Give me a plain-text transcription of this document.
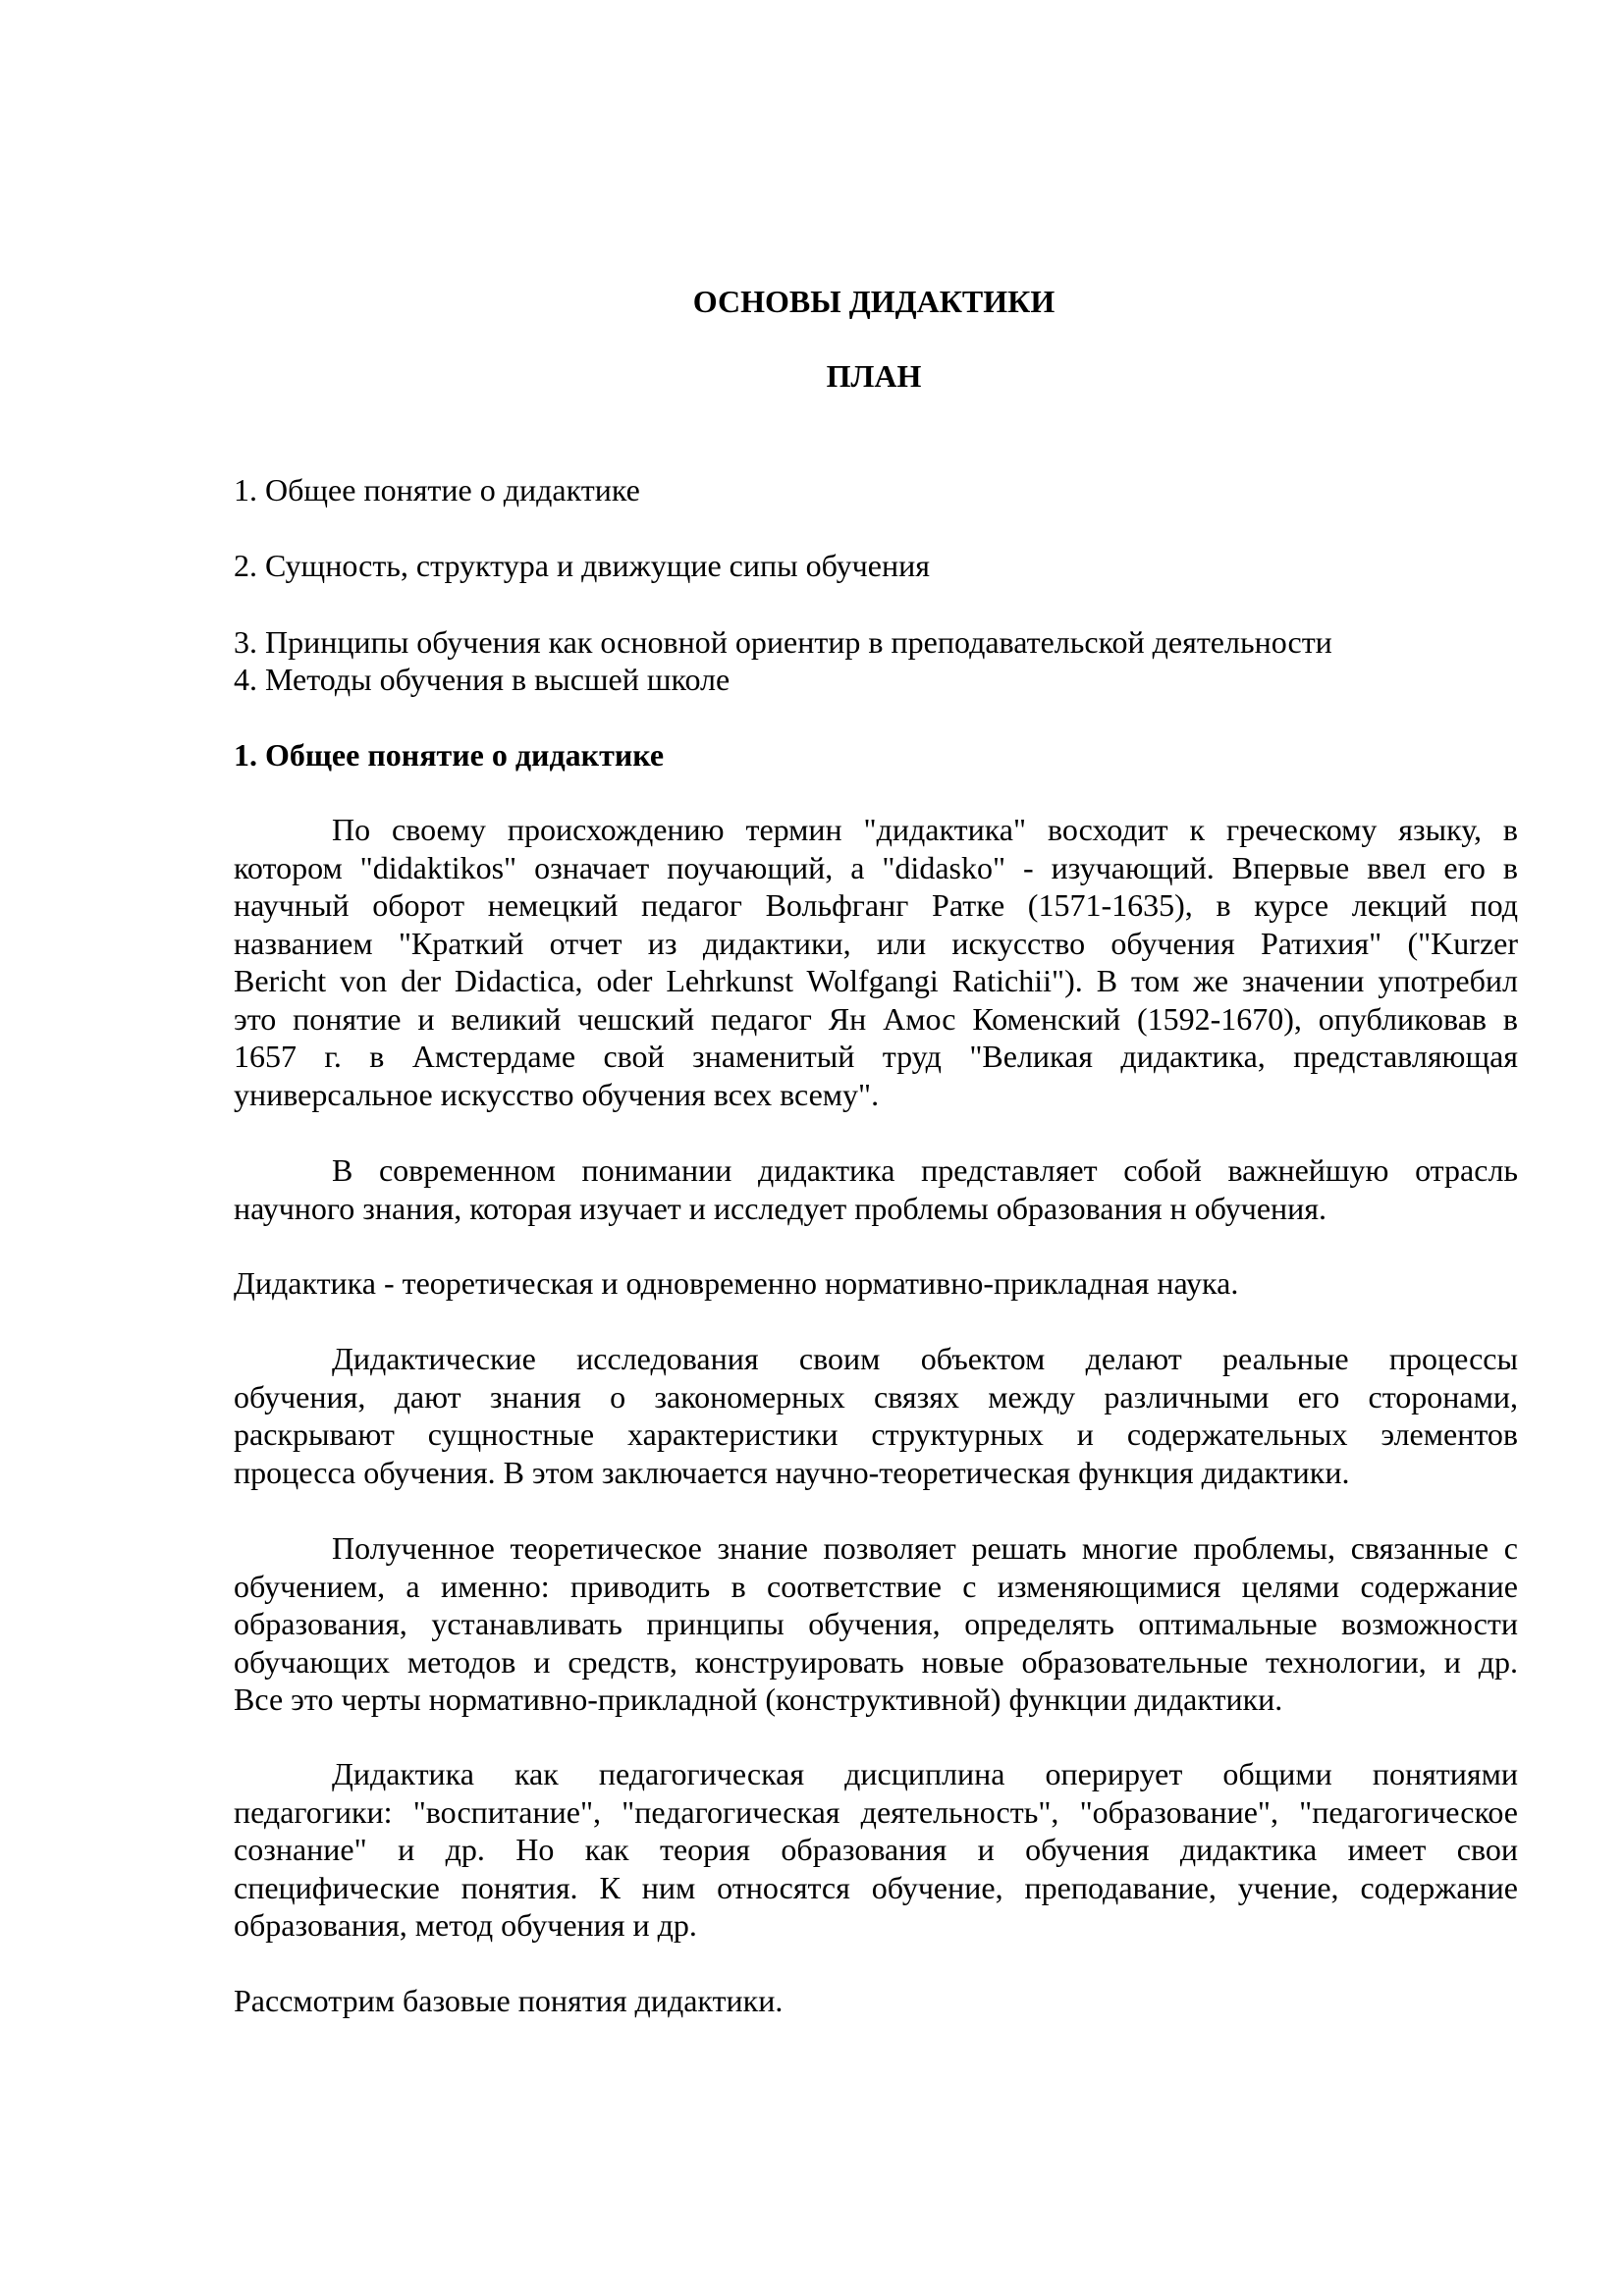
ОСНОВЫ ДИДАКТИКИ
ПЛАН
1. Общее понятие о дидактике
2. Сущность, структура и движущие сипы обучения
3. Принципы обучения как основной ориентир в преподавательской деятельности
4. Методы обучения в высшей школе
1. Общее понятие о дидактике
По своему происхождению термин "дидактика" восходит к греческому языку, в
котором "didaktikos" означает поучающий, а "didasko" - изучающий. Впервые ввел его в
научный оборот немецкий педагог Вольфганг Ратке (1571-1635), в курсе лекций под
названием "Краткий отчет из дидактики, или искусство обучения Ратихия" ("Kurzer
Bericht von der Didactica, oder Lehrkunst Wolfgangi Ratichii"). В том же значении употребил
это понятие и великий чешский педагог Ян Амос Коменский (1592-1670), опубликовав в
1657 г. в Амстердаме свой знаменитый труд "Великая дидактика, представляющая
универсальное искусство обучения всех всему".
В современном понимании дидактика представляет собой важнейшую отрасль
научного знания, которая изучает и исследует проблемы образования н обучения.
Дидактика - теоретическая и одновременно нормативно-прикладная наука.
Дидактические исследования своим объектом делают реальные процессы
обучения, дают знания о закономерных связях между различными его сторонами,
раскрывают сущностные характеристики структурных и содержательных элементов
процесса обучения. В этом заключается научно-теоретическая функция дидактики.
Полученное теоретическое знание позволяет решать многие проблемы, связанные с
обучением, а именно: приводить в соответствие с изменяющимися целями содержание
образования, устанавливать принципы обучения, определять оптимальные возможности
обучающих методов и средств, конструировать новые образовательные технологии, и др.
Все это черты нормативно-прикладной (конструктивной) функции дидактики.
Дидактика как педагогическая дисциплина оперирует общими понятиями
педагогики: "воспитание", "педагогическая деятельность", "образование", "педагогическое
сознание" и др. Но как теория образования и обучения дидактика имеет свои
специфические понятия. К ним относятся обучение, преподавание, учение, содержание
образования, метод обучения и др.
Рассмотрим базовые понятия дидактики.
